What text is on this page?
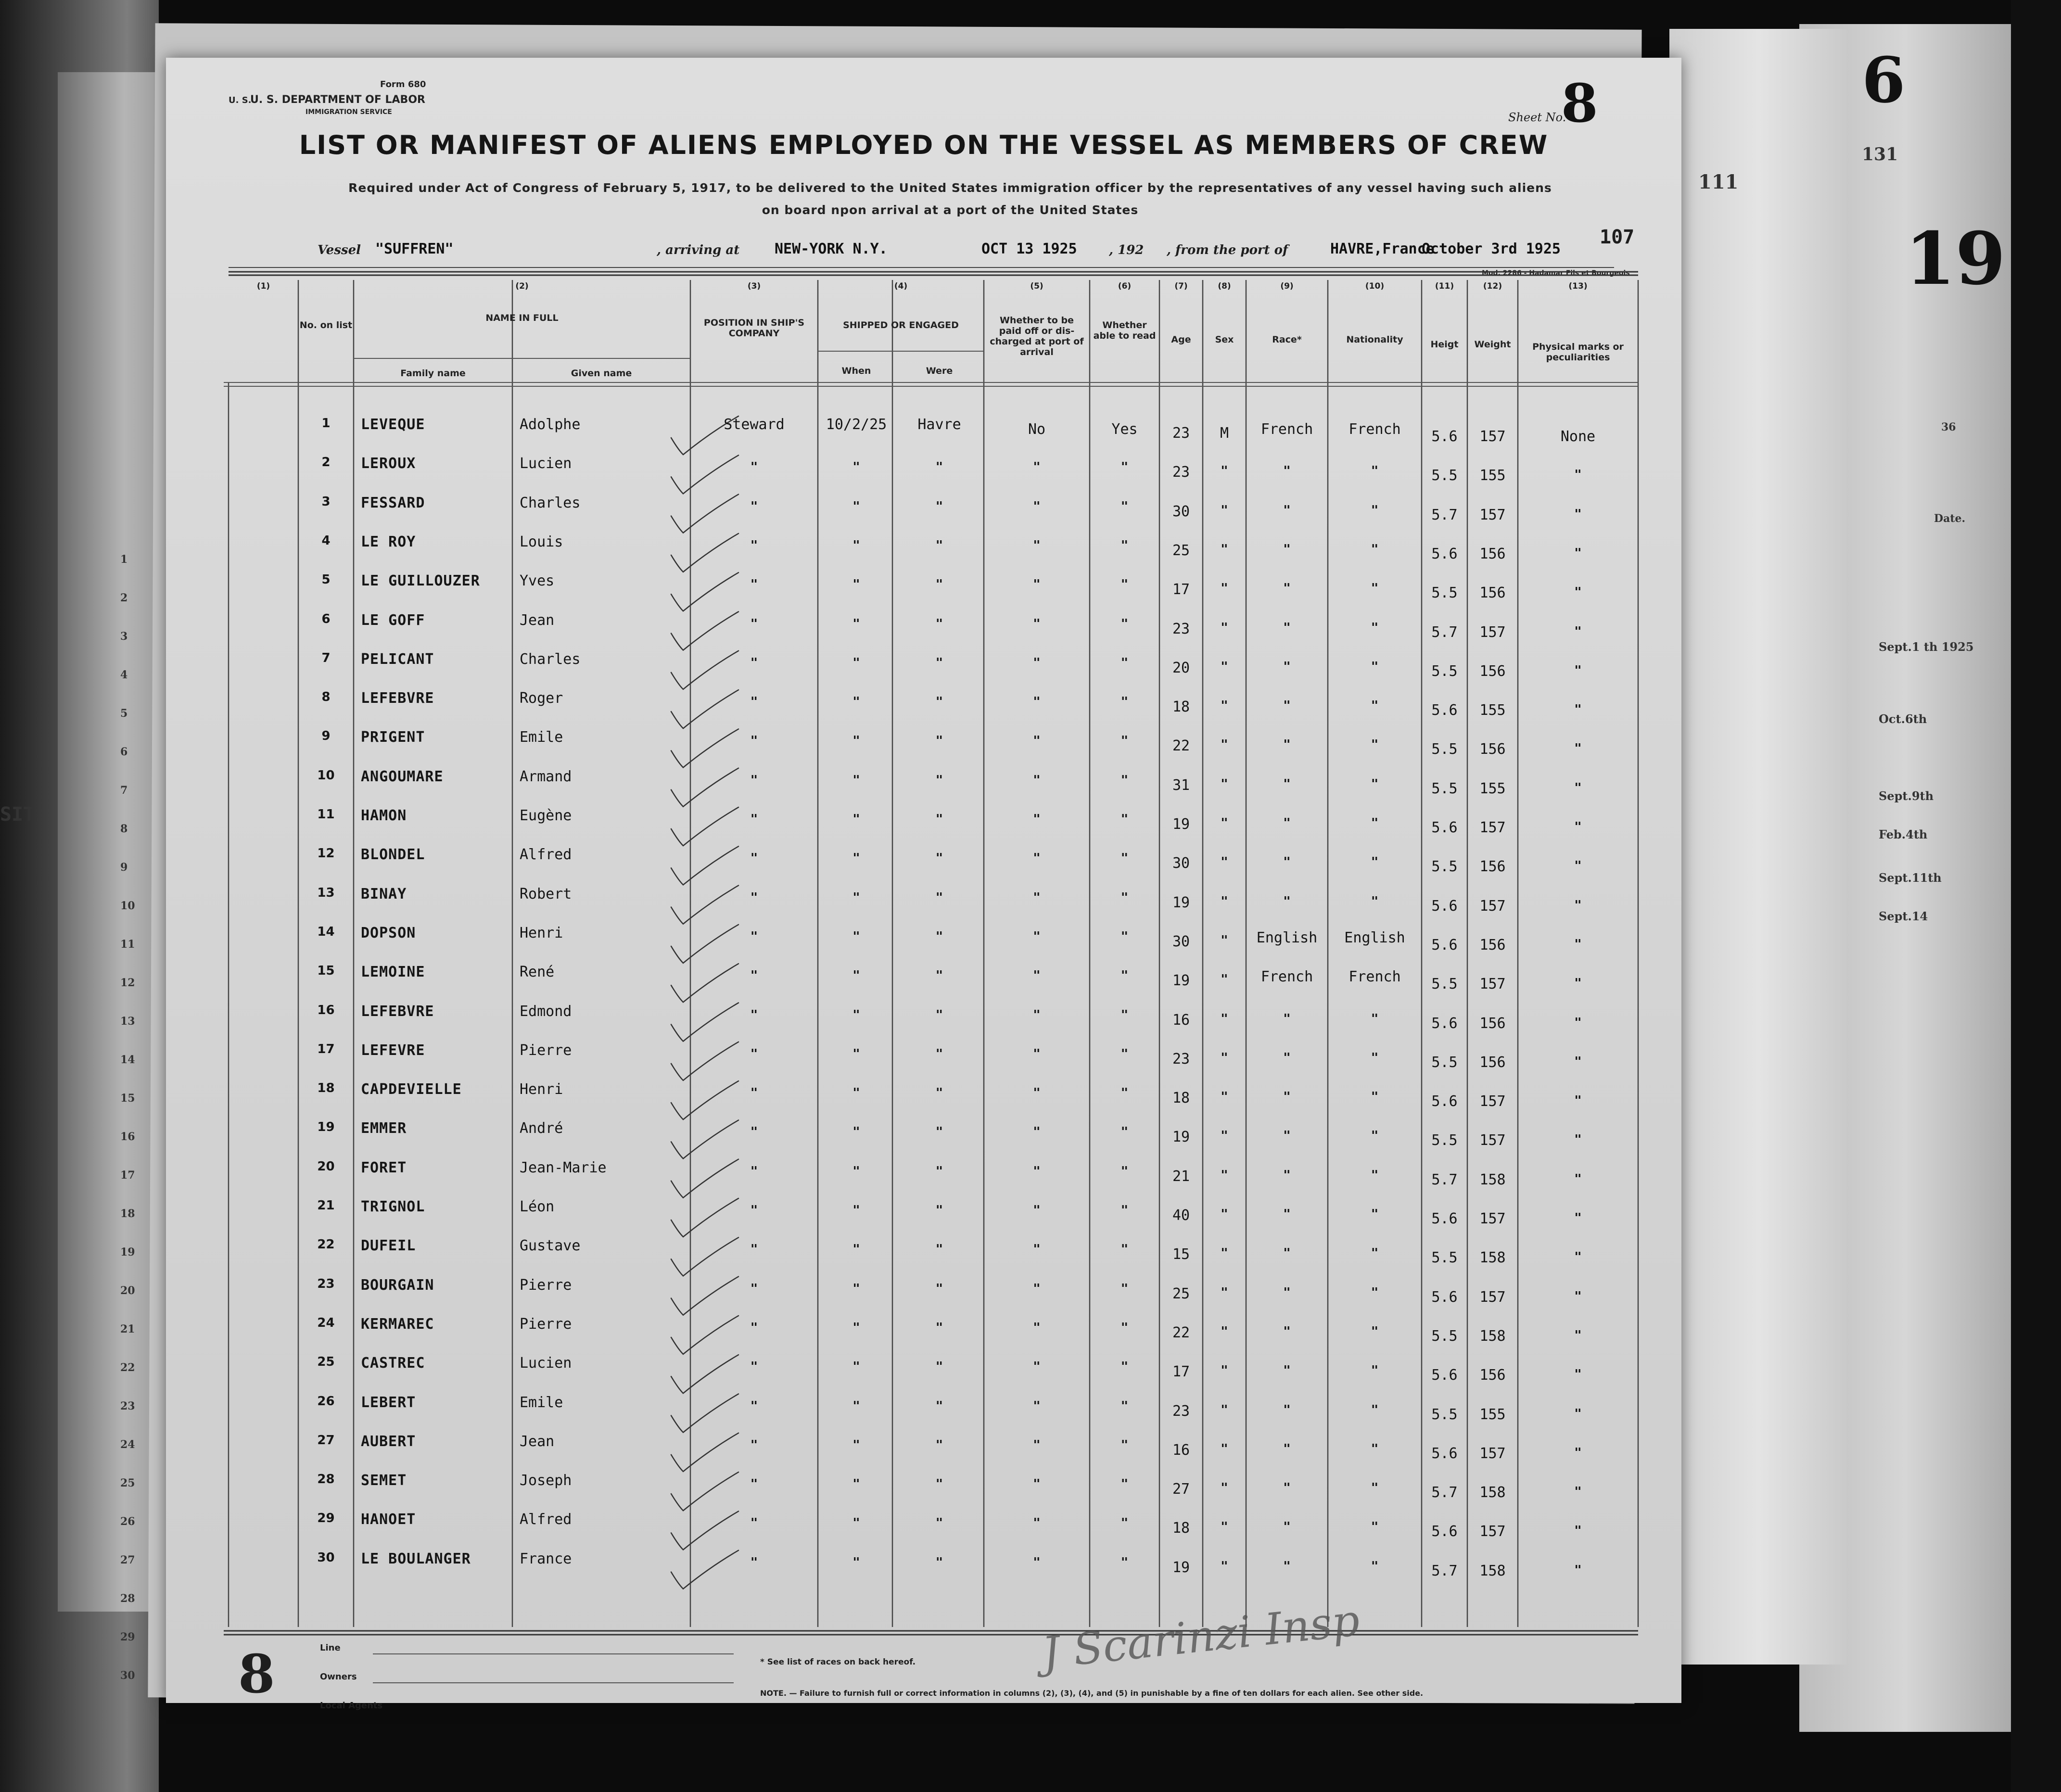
6
131
19
111
36
Date.
Sept.1 th 1925
Oct.6th
Sept.9th
Feb.4th
Sept.11th
Sept.14
SIT
1
2
3
4
5
6
7
8
9
10
11
12
13
14
15
16
17
18
19
20
21
22
23
24
25
26
27
28
29
30
Form 680
U. S.
U. S. DEPARTMENT OF LABOR
IMMIGRATION SERVICE	Sheet No.
8
LIST OR MANIFEST OF ALIENS EMPLOYED ON THE VESSEL AS MEMBERS OF CREW
Required under Act of Congress of February 5, 1917, to be delivered to the United States immigration officer by the representatives of any vessel having such aliens
on board npon arrival at a port of the United States
107
Vessel "SUFFREN"	, arriving at NEW-YORK N.Y.	OCT 13 1925	, 192 , from the port of	HAVRE,France
October 3rd 1925
Mod. 2286 - Hadamar Fils et Bourgeois
(1)	(2)	(3)	(4)	(5)	(6)	(7)	(8)	(9)	(10)	(11)	(12)	(13)
No. on list
NAME IN FULL
Family name	Given name
POSITION IN SHIP'S COMPANY
SHIPPED OR ENGAGED
When	Were
Whether to be paid off or dis-charged at port of arrival
Whether able to read	Age	Sex	Race*	Nationality	Heigt	Weight	Physical marks or peculiarities
1	LEVEQUE	Adolphe	Steward	10/2/25	Havre	No	Yes	23	M	French	French	5.6	157	None
2	LEROUX	Lucien	"	"	"	"	"	23	"	"	"	5.5	155	"
3	FESSARD	Charles	"	"	"	"	"	30	"	"	"	5.7	157	"
4	LE ROY	Louis	"	"	"	"	"	25	"	"	"	5.6	156	"
5	LE GUILLOUZER	Yves	"	"	"	"	"	17	"	"	"	5.5	156	"
6	LE GOFF	Jean	"	"	"	"	"	23	"	"	"	5.7	157	"
7	PELICANT	Charles	"	"	"	"	"	20	"	"	"	5.5	156	"
8	LEFEBVRE	Roger	"	"	"	"	"	18	"	"	"	5.6	155	"
9	PRIGENT	Emile	"	"	"	"	"	22	"	"	"	5.5	156	"
10	ANGOUMARE	Armand	"	"	"	"	"	31	"	"	"	5.5	155	"
11	HAMON	Eugène	"	"	"	"	"	19	"	"	"	5.6	157	"
12	BLONDEL	Alfred	"	"	"	"	"	30	"	"	"	5.5	156	"
13	BINAY	Robert	"	"	"	"	"	19	"	"	"	5.6	157	"
14	DOPSON	Henri	"	"	"	"	"	30	"	English	English	5.6	156	"
15	LEMOINE	René	"	"	"	"	"	19	"	French	French	5.5	157	"
16	LEFEBVRE	Edmond	"	"	"	"	"	16	"	"	"	5.6	156	"
17	LEFEVRE	Pierre	"	"	"	"	"	23	"	"	"	5.5	156	"
18	CAPDEVIELLE	Henri	"	"	"	"	"	18	"	"	"	5.6	157	"
19	EMMER	André	"	"	"	"	"	19	"	"	"	5.5	157	"
20	FORET	Jean-Marie	"	"	"	"	"	21	"	"	"	5.7	158	"
21	TRIGNOL	Léon	"	"	"	"	"	40	"	"	"	5.6	157	"
22	DUFEIL	Gustave	"	"	"	"	"	15	"	"	"	5.5	158	"
23	BOURGAIN	Pierre	"	"	"	"	"	25	"	"	"	5.6	157	"
24	KERMAREC	Pierre	"	"	"	"	"	22	"	"	"	5.5	158	"
25	CASTREC	Lucien	"	"	"	"	"	17	"	"	"	5.6	156	"
26	LEBERT	Emile	"	"	"	"	"	23	"	"	"	5.5	155	"
27	AUBERT	Jean	"	"	"	"	"	16	"	"	"	5.6	157	"
28	SEMET	Joseph	"	"	"	"	"	27	"	"	"	5.7	158	"
29	HANOET	Alfred	"	"	"	"	"	18	"	"	"	5.6	157	"
30	LE BOULANGER	France	"	"	"	"	"	19	"	"	"	5.7	158	"
8	Line
Owners
Local Agents
* See list of races on back hereof.
NOTE. — Failure to furnish full or correct information in columns (2), (3), (4), and (5) in punishable by a fine of ten dollars for each alien. See other side.
J Scarinzi Insp
